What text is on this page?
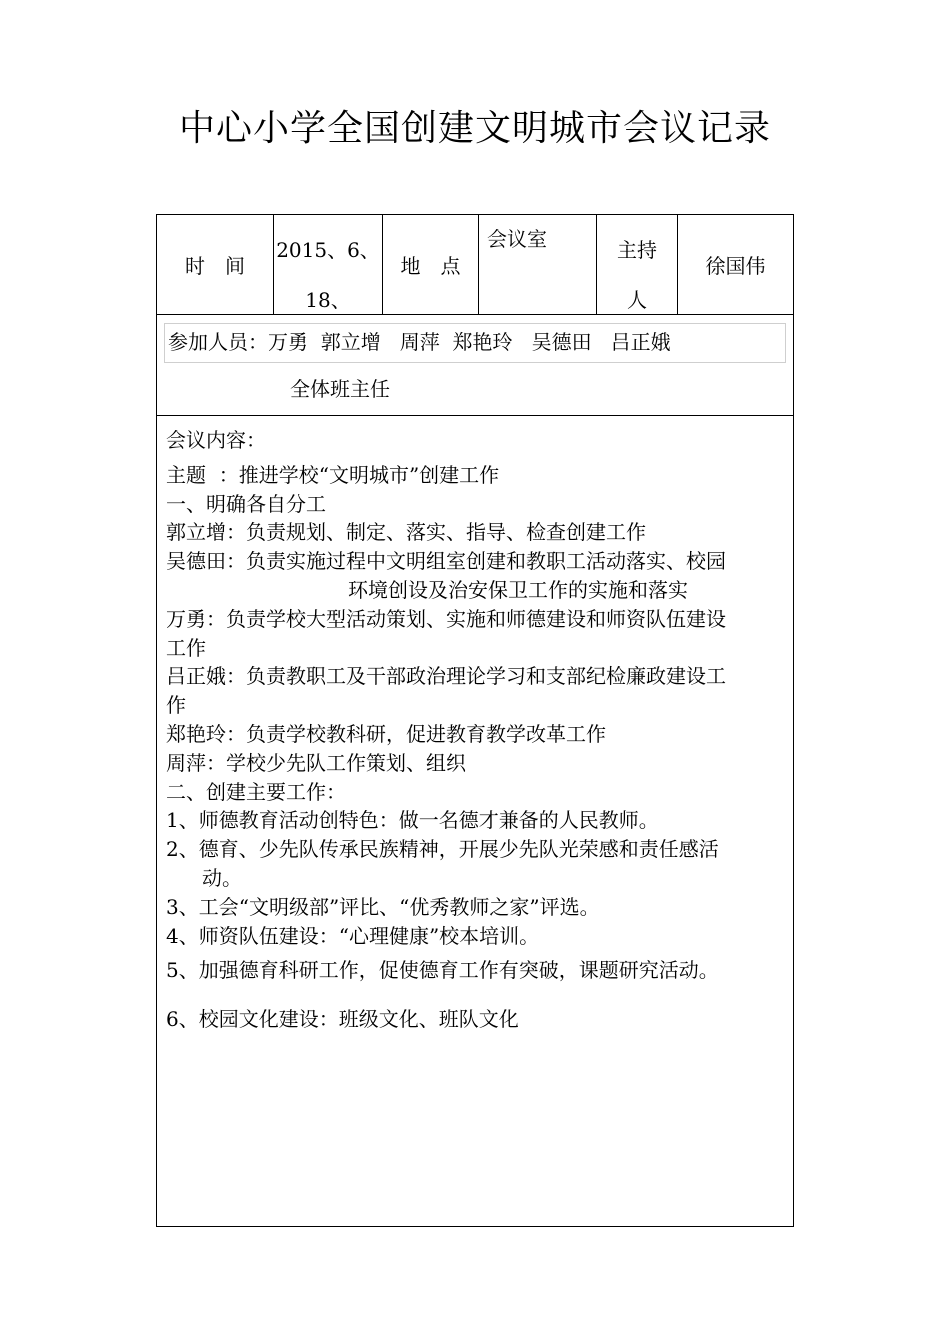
中心小学全国创建文明城市会议记录
时　间
2015、6、
18、
地　点
会议室	主持
人
徐国伟
参加人员：万勇  郭立增   周萍  郑艳玲   吴德田   吕正娥
全体班主任
会议内容：
主题  ：推进学校“文明城市”创建工作
一、明确各自分工
郭立增：负责规划、制定、落实、指导、检查创建工作
吴德田：负责实施过程中文明组室创建和教职工活动落实、校园
环境创设及治安保卫工作的实施和落实
万勇：负责学校大型活动策划、实施和师德建设和师资队伍建设
工作
吕正娥：负责教职工及干部政治理论学习和支部纪检廉政建设工
作
郑艳玲：负责学校教科研，促进教育教学改革工作
周萍：学校少先队工作策划、组织
二、创建主要工作：
1、师德教育活动创特色：做一名德才兼备的人民教师。
2、德育、少先队传承民族精神，开展少先队光荣感和责任感活
动。
3、工会“文明级部”评比、“优秀教师之家”评选。
4、师资队伍建设：“心理健康”校本培训。
5、加强德育科研工作，促使德育工作有突破，课题研究活动。
6、校园文化建设：班级文化、班队文化
